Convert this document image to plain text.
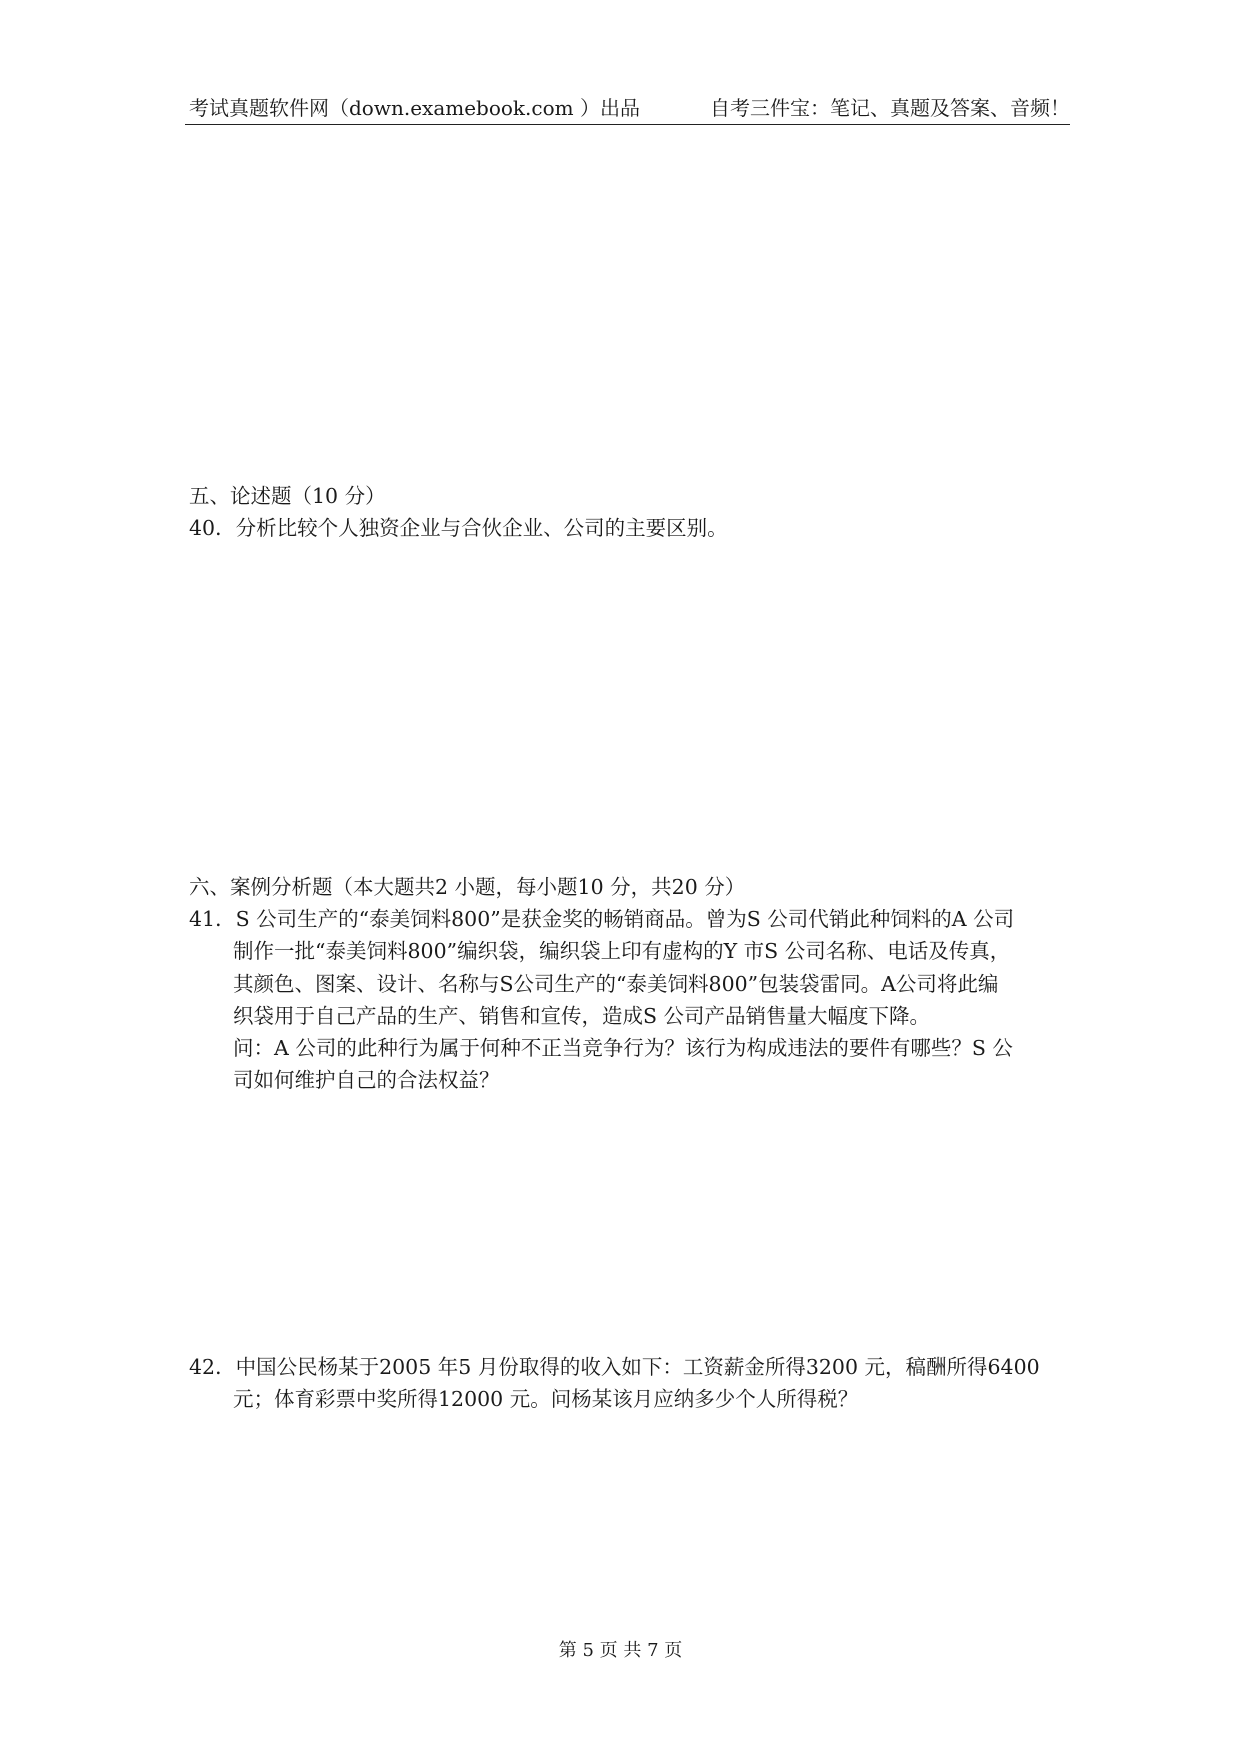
考试真题软件网（down.examebook.com ）出品	自考三件宝：笔记、真题及答案、音频！
五、论述题（10 分）
40．分析比较个人独资企业与合伙企业、公司的主要区别。
六、案例分析题（本大题共2 小题，每小题10 分，共20 分）
41．S 公司生产的“泰美饲料800”是获金奖的畅销商品。曾为S 公司代销此种饲料的A 公司
制作一批“泰美饲料800”编织袋，编织袋上印有虚构的Y 市S 公司名称、电话及传真，
其颜色、图案、设计、名称与S公司生产的“泰美饲料800”包装袋雷同。A公司将此编
织袋用于自己产品的生产、销售和宣传，造成S 公司产品销售量大幅度下降。
问：A 公司的此种行为属于何种不正当竞争行为？该行为构成违法的要件有哪些？S 公
司如何维护自己的合法权益？
42．中国公民杨某于2005 年5 月份取得的收入如下：工资薪金所得3200 元，稿酬所得6400
元；体育彩票中奖所得12000 元。问杨某该月应纳多少个人所得税？
第 5 页 共 7 页
